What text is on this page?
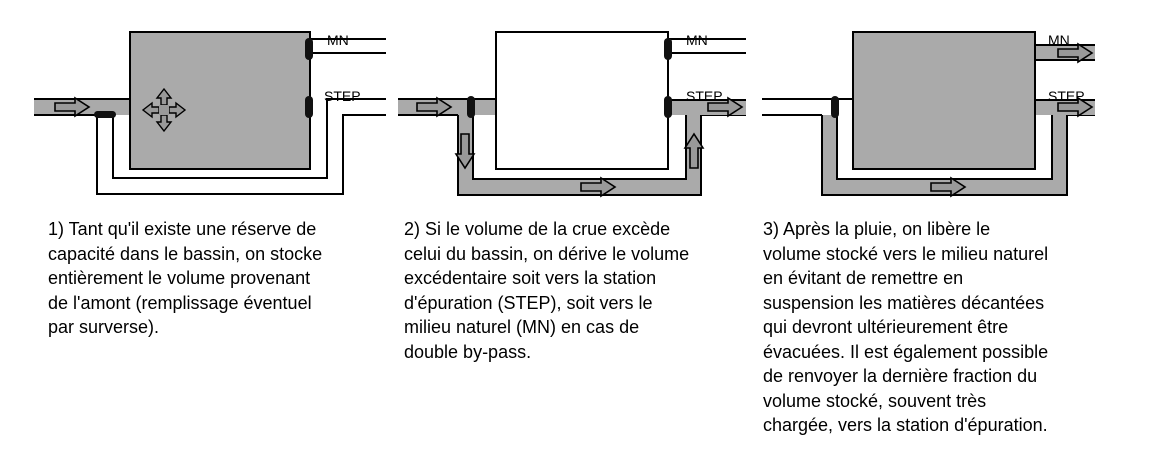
MN
STEP
MN
STEP
MN
STEP
1) Tant qu'il existe une réserve de
capacité dans le bassin, on stocke
entièrement le volume provenant
de l'amont (remplissage éventuel
par surverse).
2) Si le volume de la crue excède
celui du bassin, on dérive le volume
excédentaire soit vers la station
d'épuration (STEP), soit vers le
milieu naturel (MN) en cas de
double by-pass.
3) Après la pluie, on libère le
volume stocké vers le milieu naturel
en évitant de remettre en
suspension les matières décantées
qui devront ultérieurement être
évacuées. Il est également possible
de renvoyer la dernière fraction du
volume stocké, souvent très
chargée, vers la station d'épuration.
